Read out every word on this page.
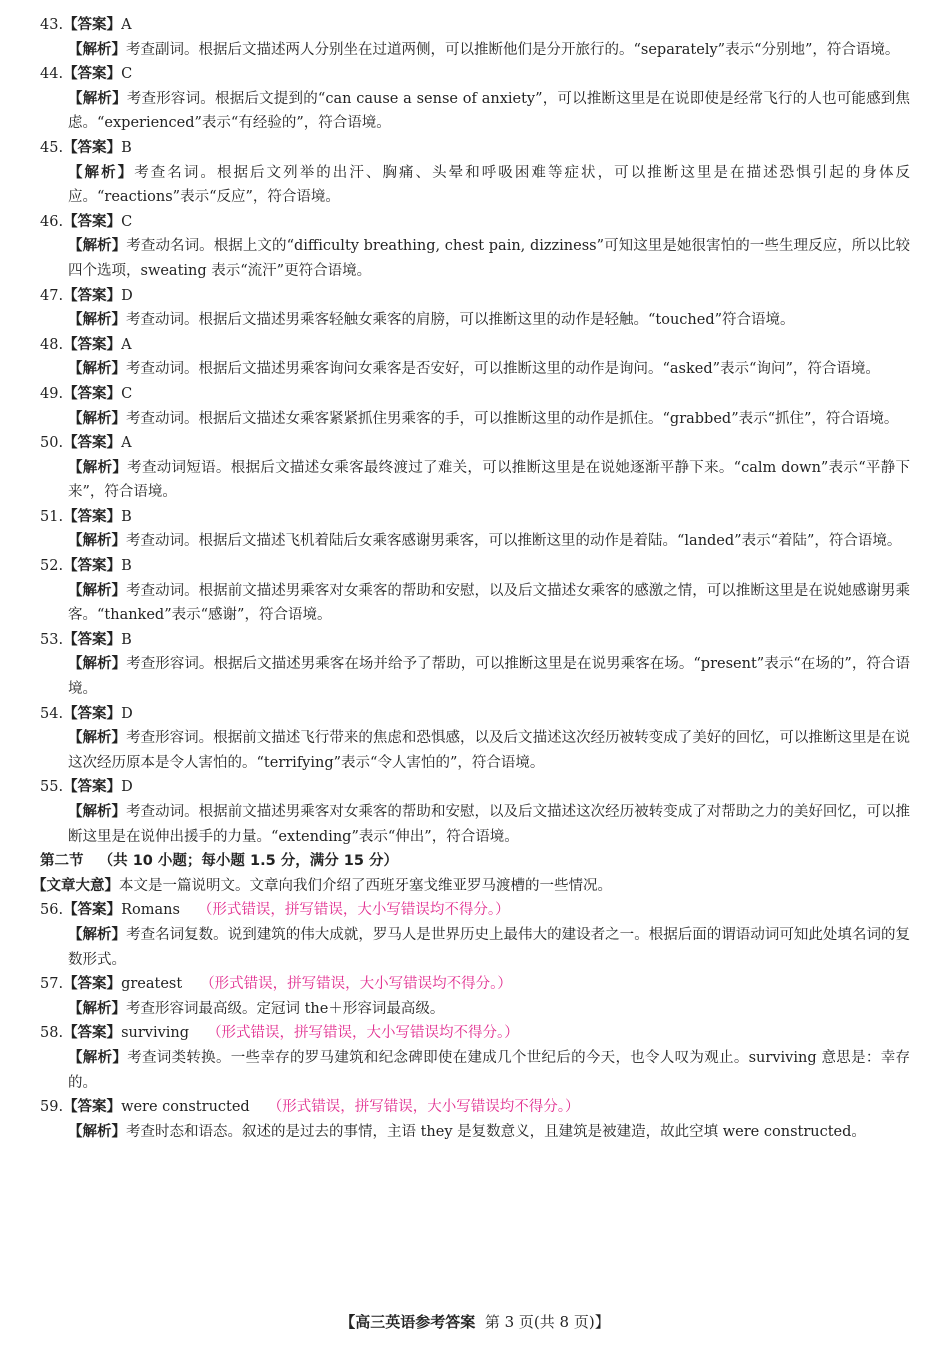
43.【答案】A
【解析】考查副词。根据后文描述两人分别坐在过道两侧，可以推断他们是分开旅行的。“separately”表示“分别地”，符合语境。
44.【答案】C
【解析】考查形容词。根据后文提到的“can cause a sense of anxiety”，可以推断这里是在说即使是经常飞行的人也可能感到焦虑。“experienced”表示“有经验的”，符合语境。
45.【答案】B
【解析】考查名词。根据后文列举的出汗、胸痛、头晕和呼吸困难等症状，可以推断这里是在描述恐惧引起的身体反应。“reactions”表示“反应”，符合语境。
46.【答案】C
【解析】考查动名词。根据上文的“difficulty breathing, chest pain, dizziness”可知这里是她很害怕的一些生理反应，所以比较四个选项，sweating 表示“流汗”更符合语境。
47.【答案】D
【解析】考查动词。根据后文描述男乘客轻触女乘客的肩膀，可以推断这里的动作是轻触。“touched”符合语境。
48.【答案】A
【解析】考查动词。根据后文描述男乘客询问女乘客是否安好，可以推断这里的动作是询问。“asked”表示“询问”，符合语境。
49.【答案】C
【解析】考查动词。根据后文描述女乘客紧紧抓住男乘客的手，可以推断这里的动作是抓住。“grabbed”表示“抓住”，符合语境。
50.【答案】A
【解析】考查动词短语。根据后文描述女乘客最终渡过了难关，可以推断这里是在说她逐渐平静下来。“calm down”表示“平静下来”，符合语境。
51.【答案】B
【解析】考查动词。根据后文描述飞机着陆后女乘客感谢男乘客，可以推断这里的动作是着陆。“landed”表示“着陆”，符合语境。
52.【答案】B
【解析】考查动词。根据前文描述男乘客对女乘客的帮助和安慰，以及后文描述女乘客的感激之情，可以推断这里是在说她感谢男乘客。“thanked”表示“感谢”，符合语境。
53.【答案】B
【解析】考查形容词。根据后文描述男乘客在场并给予了帮助，可以推断这里是在说男乘客在场。“present”表示“在场的”，符合语境。
54.【答案】D
【解析】考查形容词。根据前文描述飞行带来的焦虑和恐惧感，以及后文描述这次经历被转变成了美好的回忆，可以推断这里是在说这次经历原本是令人害怕的。“terrifying”表示“令人害怕的”，符合语境。
55.【答案】D
【解析】考查动词。根据前文描述男乘客对女乘客的帮助和安慰，以及后文描述这次经历被转变成了对帮助之力的美好回忆，可以推断这里是在说伸出援手的力量。“extending”表示“伸出”，符合语境。
第二节 （共 10 小题；每小题 1.5 分，满分 15 分）
【文章大意】本文是一篇说明文。文章向我们介绍了西班牙塞戈维亚罗马渡槽的一些情况。
56.【答案】Romans （形式错误，拼写错误，大小写错误均不得分。）
【解析】考查名词复数。说到建筑的伟大成就，罗马人是世界历史上最伟大的建设者之一。根据后面的谓语动词可知此处填名词的复数形式。
57.【答案】greatest （形式错误，拼写错误，大小写错误均不得分。）
【解析】考查形容词最高级。定冠词 the＋形容词最高级。
58.【答案】surviving （形式错误，拼写错误，大小写错误均不得分。）
【解析】考查词类转换。一些幸存的罗马建筑和纪念碑即使在建成几个世纪后的今天，也令人叹为观止。surviving 意思是：幸存的。
59.【答案】were constructed （形式错误，拼写错误，大小写错误均不得分。）
【解析】考查时态和语态。叙述的是过去的事情，主语 they 是复数意义，且建筑是被建造，故此空填 were constructed。
【高三英语参考答案 第 3 页(共 8 页)】
